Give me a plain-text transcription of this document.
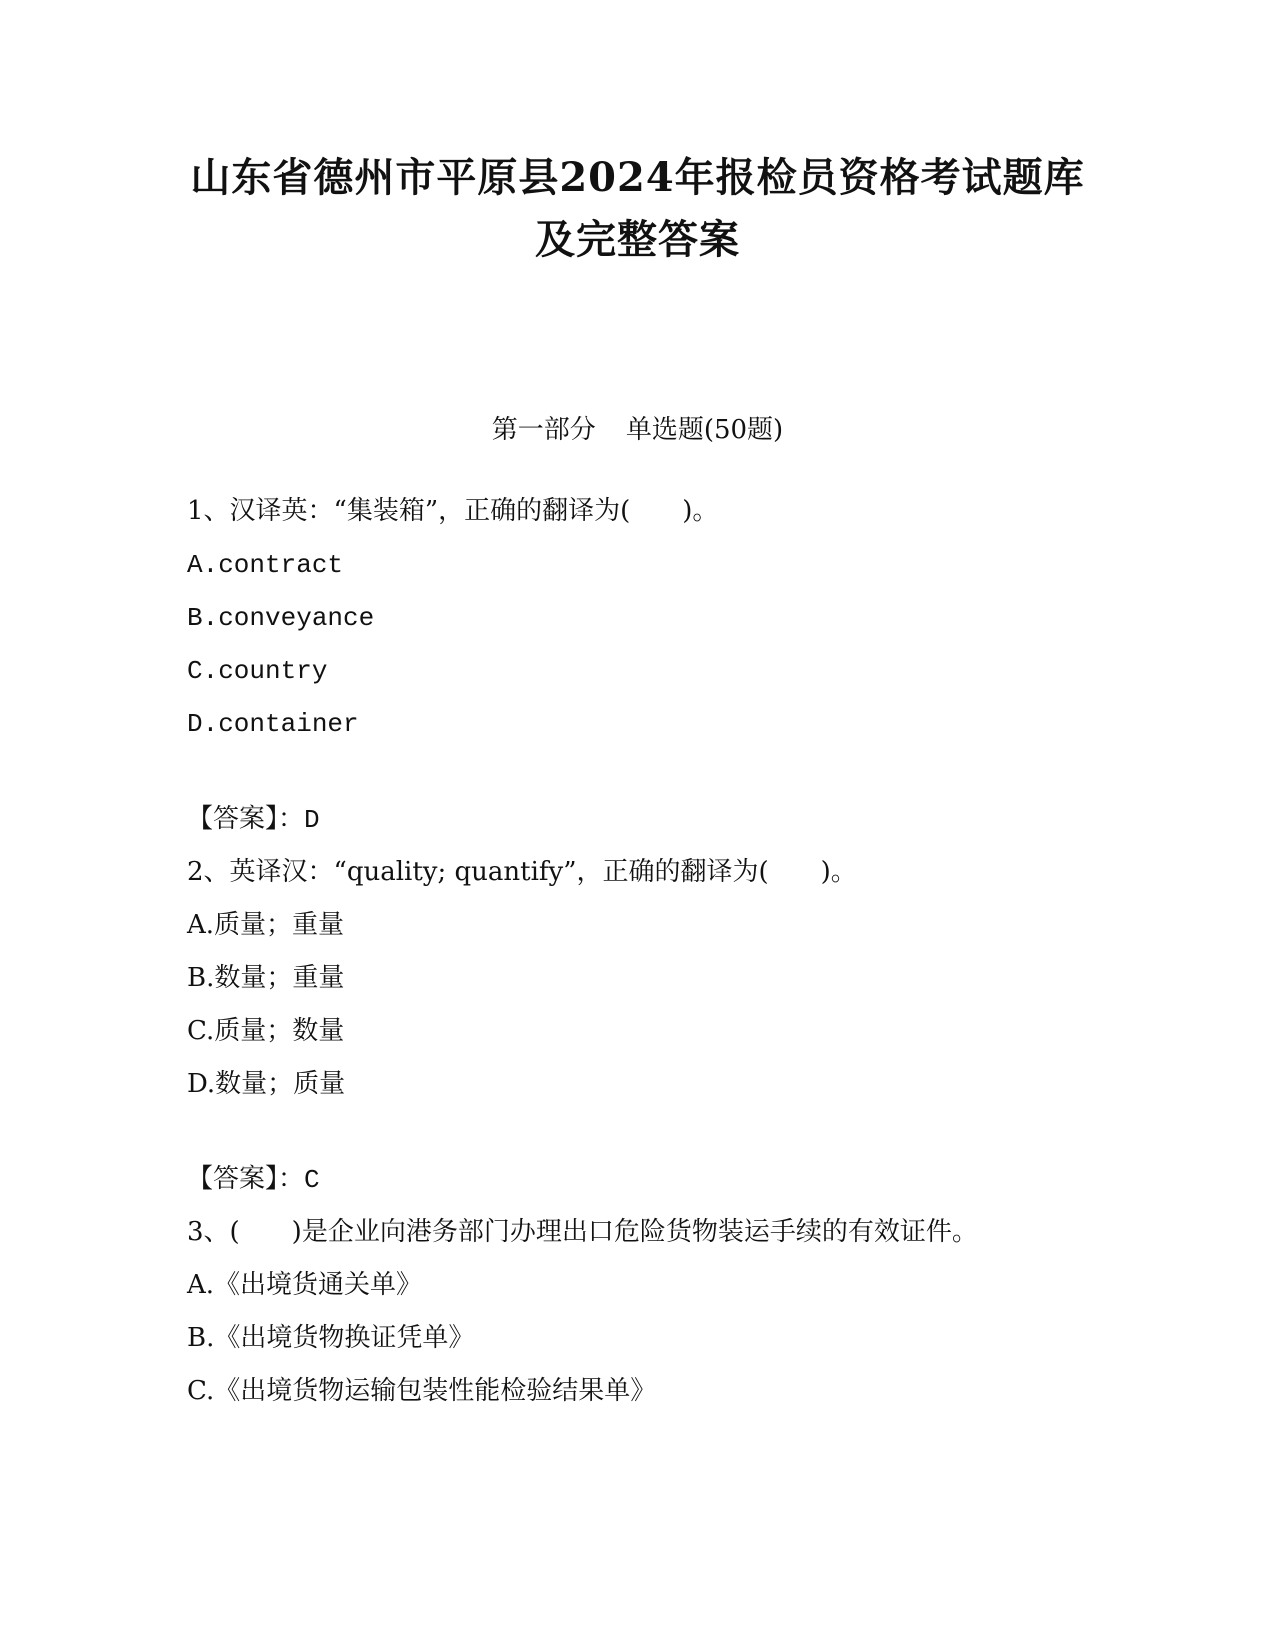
山东省德州市平原县2024年报检员资格考试题库
及完整答案
第一部分 单选题(50题)
1、汉译英：“集装箱”，正确的翻译为(　　)。
A.contract
B.conveyance
C.country
D.container
【答案】：D
2、英译汉：“quality; quantify”，正确的翻译为(　　)。
A.质量；重量
B.数量；重量
C.质量；数量
D.数量；质量
【答案】：C
3、(　　)是企业向港务部门办理出口危险货物装运手续的有效证件。
A.《出境货通关单》
B.《出境货物换证凭单》
C.《出境货物运输包装性能检验结果单》
